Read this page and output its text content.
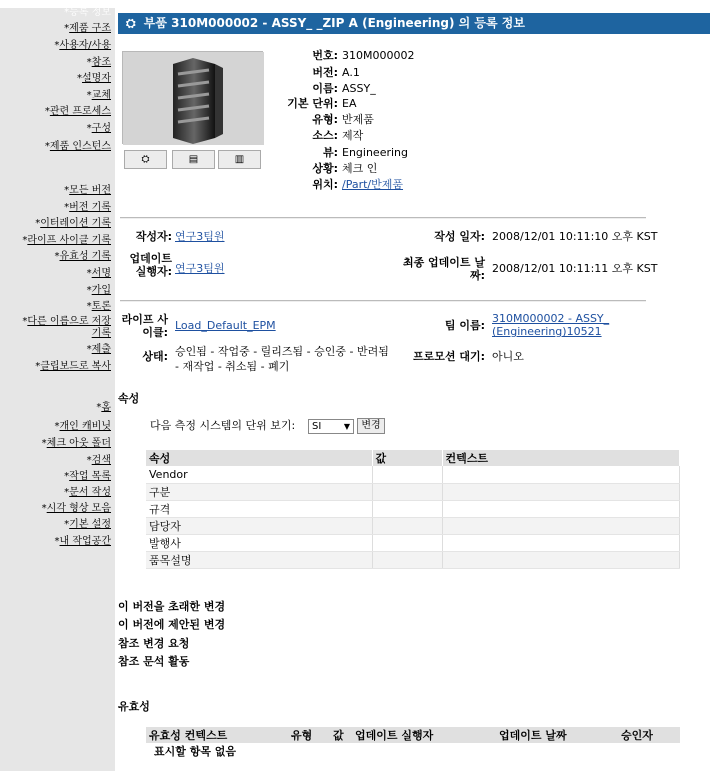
*등록 정보
*제품 구조
*사용자/사용
*참조
*설명자
*교체
*관련 프로세스
*구성
*제품 인스턴스
*모든 버전
*버전 기록
*이터레이션 기록
*라이프 사이클 기록
*유효성 기록
*서명
*가입
*토론
*다른 이름으로 저장
기록
*제출
*클립보드로 복사
*홈
*개인 캐비닛
*체크 아웃 폴더
*검색
*작업 목록
*문서 작성
*시각 형상 모음
*기본 설정
*내 작업공간
⛭ 부품 310M000002 - ASSY_ _ZIP A (Engineering) 의 등록 정보
⛭	▤	▥
번호: 310M000002
버전: A.1
이름: ASSY_
기본 단위: EA
유형: 반제품
소스: 제작
뷰: Engineering
상황: 체크 인
위치: /Part/반제품
작성자: 연구3팀원	작성 일자: 2008/12/01 10:11:10 오후 KST
업데이트 실행자: 연구3팀원	최종 업데이트 날짜:
2008/12/01 10:11:11 오후 KST
라이프 사이클:
Load_Default_EPM	팀 이름:
310M000002 - ASSY_ (Engineering)10521
상태: 승인됨 - 작업중 - 릴리즈됨 - 승인중 - 반려됨 - 재작업 - 취소됨 - 폐기
프로모션 대기: 아니오
속성
다음 측정 시스템의 단위 보기:	SI	▼	변경
속성	값	컨텍스트
Vendor		
구분		
규격		
담당자		
발행사		
품목설명		
이 버전을 초래한 변경
이 버전에 제안된 변경
참조 변경 요청
참조 문석 활동
유효성
유효성 컨텍스트	유형	값	업데이트 실행자	업데이트 날짜	승인자
표시할 항목 없음
